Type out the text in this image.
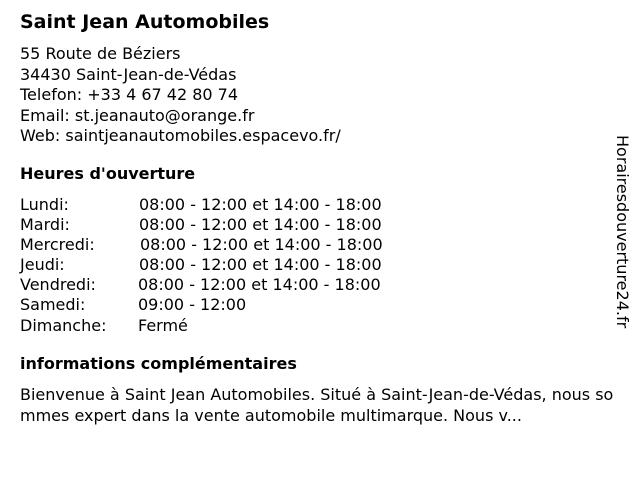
Saint Jean Automobiles
55 Route de Béziers
34430 Saint-Jean-de-Védas
Telefon: +33 4 67 42 80 74
Email: st.jeanauto@orange.fr
Web: saintjeanautomobiles.espacevo.fr/
Heures d'ouverture
Lundi:	08:00 - 12:00 et 14:00 - 18:00
Mardi:	08:00 - 12:00 et 14:00 - 18:00
Mercredi:	08:00 - 12:00 et 14:00 - 18:00
Jeudi:	08:00 - 12:00 et 14:00 - 18:00
Vendredi:	08:00 - 12:00 et 14:00 - 18:00
Samedi:	09:00 - 12:00
Dimanche: Fermé
informations complémentaires
Bienvenue à Saint Jean Automobiles. Situé à Saint-Jean-de-Védas, nous sommes expert dans la vente automobile multimarque. Nous v...
Horairesdouverture24.fr
